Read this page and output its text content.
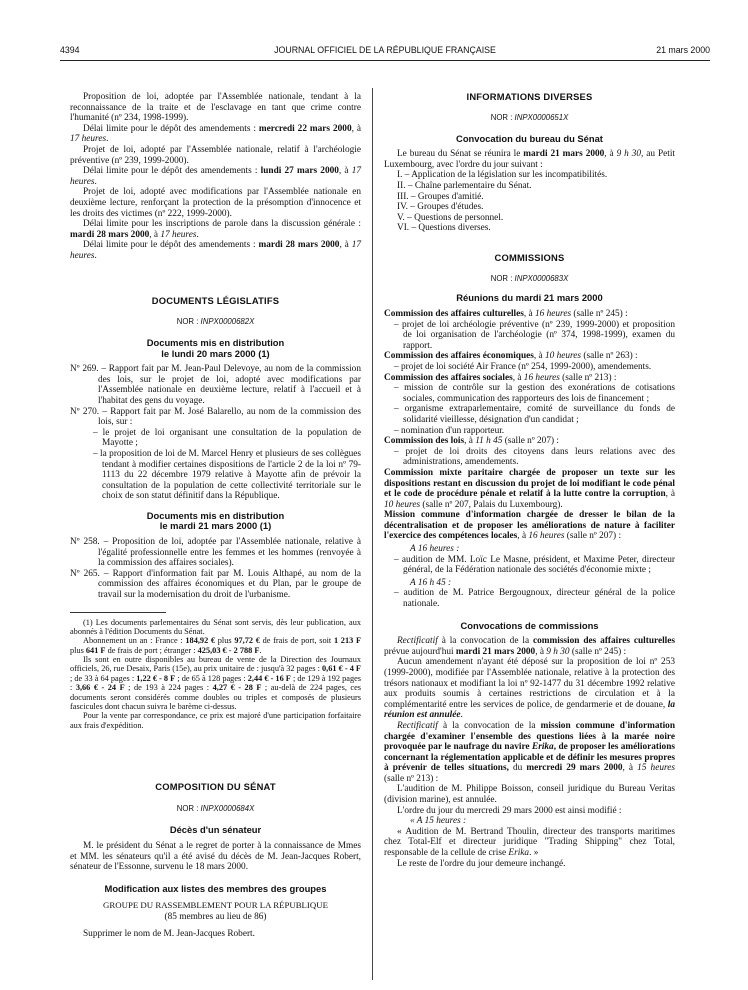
4394	JOURNAL OFFICIEL DE LA RÉPUBLIQUE FRANÇAISE	21 mars 2000

Proposition de loi, adoptée par l'Assemblée nationale, tendant à la reconnaissance de la traite et de l'esclavage en tant que crime contre l'humanité (nº 234, 1998-1999).

Délai limite pour le dépôt des amendements : mercredi 22 mars 2000, à 17 heures.

Projet de loi, adopté par l'Assemblée nationale, relatif à l'archéologie préventive (nº 239, 1999-2000).

Délai limite pour le dépôt des amendements : lundi 27 mars 2000, à 17 heures.

Projet de loi, adopté avec modifications par l'Assemblée nationale en deuxième lecture, renforçant la protection de la présomption d'innocence et les droits des victimes (nº 222, 1999-2000).

Délai limite pour les inscriptions de parole dans la discussion générale : mardi 28 mars 2000, à 17 heures.

Délai limite pour le dépôt des amendements : mardi 28 mars 2000, à 17 heures.

DOCUMENTS LÉGISLATIFS
NOR : INPX0000682X
Documents mis en distribution
le lundi 20 mars 2000 (1)

Nº 269. – Rapport fait par M. Jean-Paul Delevoye, au nom de la commission des lois, sur le projet de loi, adopté avec modifications par l'Assemblée nationale en deuxième lecture, relatif à l'accueil et à l'habitat des gens du voyage.

Nº 270. – Rapport fait par M. José Balarello, au nom de la commission des lois, sur :

– le projet de loi organisant une consultation de la population de Mayotte ;

– la proposition de loi de M. Marcel Henry et plusieurs de ses collègues tendant à modifier certaines dispositions de l'article 2 de la loi nº 79-1113 du 22 décembre 1979 relative à Mayotte afin de prévoir la consultation de la population de cette collectivité territoriale sur le choix de son statut définitif dans la République.

Documents mis en distribution
le mardi 21 mars 2000 (1)

Nº 258. – Proposition de loi, adoptée par l'Assemblée nationale, relative à l'égalité professionnelle entre les femmes et les hommes (renvoyée à la commission des affaires sociales).

Nº 265. – Rapport d'information fait par M. Louis Althapé, au nom de la commission des affaires économiques et du Plan, par le groupe de travail sur la modernisation du droit de l'urbanisme.

(1) Les documents parlementaires du Sénat sont servis, dès leur publication, aux abonnés à l'édition Documents du Sénat.

Abonnement un an : France : 184,92 € plus 97,72 € de frais de port, soit 1 213 F plus 641 F de frais de port ; étranger : 425,03 € - 2 788 F.

Ils sont en outre disponibles au bureau de vente de la Direction des Journaux officiels, 26, rue Desaix, Paris (15e), au prix unitaire de : jusqu'à 32 pages : 0,61 € - 4 F ; de 33 à 64 pages : 1,22 € - 8 F ; de 65 à 128 pages : 2,44 € - 16 F ; de 129 à 192 pages : 3,66 € - 24 F ; de 193 à 224 pages : 4,27 € - 28 F ; au-delà de 224 pages, ces documents seront considérés comme doubles ou triples et composés de plusieurs fascicules dont chacun suivra le barème ci-dessus.

Pour la vente par correspondance, ce prix est majoré d'une participation forfaitaire aux frais d'expédition.

COMPOSITION DU SÉNAT
NOR : INPX0000684X
Décès d'un sénateur

M. le président du Sénat a le regret de porter à la connaissance de Mmes et MM. les sénateurs qu'il a été avisé du décès de M. Jean-Jacques Robert, sénateur de l'Essonne, survenu le 18 mars 2000.

Modification aux listes des membres des groupes

GROUPE DU RASSEMBLEMENT POUR LA RÉPUBLIQUE

(85 membres au lieu de 86)

Supprimer le nom de M. Jean-Jacques Robert.

INFORMATIONS DIVERSES
NOR : INPX0000651X
Convocation du bureau du Sénat

Le bureau du Sénat se réunira le mardi 21 mars 2000, à 9 h 30, au Petit Luxembourg, avec l'ordre du jour suivant :

I. – Application de la législation sur les incompatibilités.

II. – Chaîne parlementaire du Sénat.

III. – Groupes d'amitié.

IV. – Groupes d'études.

V. – Questions de personnel.

VI. – Questions diverses.

COMMISSIONS
NOR : INPX0000683X
Réunions du mardi 21 mars 2000

Commission des affaires culturelles, à 16 heures (salle nº 245) :

– projet de loi archéologie préventive (nº 239, 1999-2000) et proposition de loi organisation de l'archéologie (nº 374, 1998-1999), examen du rapport.

Commission des affaires économiques, à 10 heures (salle nº 263) :

– projet de loi société Air France (nº 254, 1999-2000), amendements.

Commission des affaires sociales, à 16 heures (salle nº 213) :

– mission de contrôle sur la gestion des exonérations de cotisations sociales, communication des rapporteurs des lois de financement ;

– organisme extraparlementaire, comité de surveillance du fonds de solidarité vieillesse, désignation d'un candidat ;

– nomination d'un rapporteur.

Commission des lois, à 11 h 45 (salle nº 207) :

– projet de loi droits des citoyens dans leurs relations avec des administrations, amendements.

Commission mixte paritaire chargée de proposer un texte sur les dispositions restant en discussion du projet de loi modifiant le code pénal et le code de procédure pénale et relatif à la lutte contre la corruption, à 10 heures (salle nº 207, Palais du Luxembourg).

Mission commune d'information chargée de dresser le bilan de la décentralisation et de proposer les améliorations de nature à faciliter l'exercice des compétences locales, à 16 heures (salle nº 207) :

A 16 heures :

– audition de MM. Loïc Le Masne, président, et Maxime Peter, directeur général, de la Fédération nationale des sociétés d'économie mixte ;

A 16 h 45 :

– audition de M. Patrice Bergougnoux, directeur général de la police nationale.

Convocations de commissions

Rectificatif à la convocation de la commission des affaires culturelles prévue aujourd'hui mardi 21 mars 2000, à 9 h 30 (salle nº 245) :

Aucun amendement n'ayant été déposé sur la proposition de loi nº 253 (1999-2000), modifiée par l'Assemblée nationale, relative à la protection des trésors nationaux et modifiant la loi nº 92-1477 du 31 décembre 1992 relative aux produits soumis à certaines restrictions de circulation et à la complémentarité entre les services de police, de gendarmerie et de douane, la réunion est annulée.

Rectificatif à la convocation de la mission commune d'information chargée d'examiner l'ensemble des questions liées à la marée noire provoquée par le naufrage du navire Erika, de proposer les améliorations concernant la réglementation applicable et de définir les mesures propres à prévenir de telles situations, du mercredi 29 mars 2000, à 15 heures (salle nº 213) :

L'audition de M. Philippe Boisson, conseil juridique du Bureau Veritas (division marine), est annulée.

L'ordre du jour du mercredi 29 mars 2000 est ainsi modifié :

« A 15 heures :

« Audition de M. Bertrand Thoulin, directeur des transports maritimes chez Total-Elf et directeur juridique "Trading Shipping" chez Total, responsable de la cellule de crise Erika. »

Le reste de l'ordre du jour demeure inchangé.
